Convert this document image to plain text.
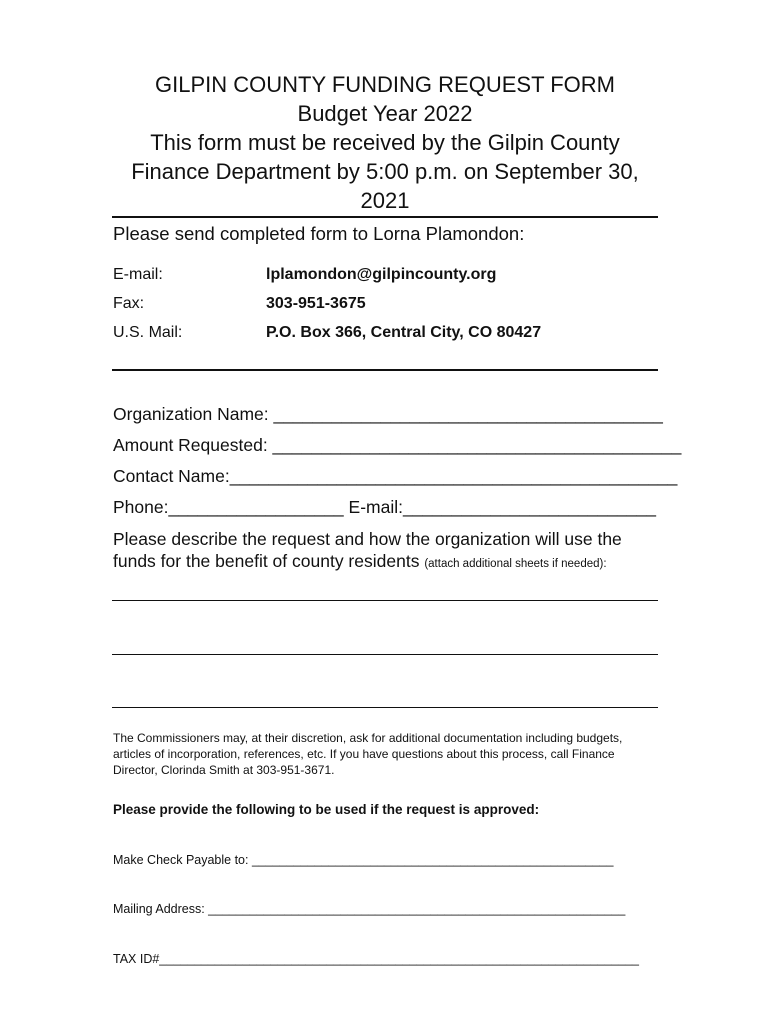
GILPIN COUNTY FUNDING REQUEST FORM
Budget Year 2022
This form must be received by the Gilpin County
Finance Department by 5:00 p.m. on September 30,
2021
Please send completed form to Lorna Plamondon:
E-mail:	lplamondon@gilpincounty.org
Fax:	303-951-3675
U.S. Mail:	P.O. Box 366, Central City, CO 80427
Organization Name: ________________________________________
Amount Requested: __________________________________________
Contact Name:______________________________________________
Phone:__________________ E-mail:__________________________
Please describe the request and how the organization will use the
funds for the benefit of county residents (attach additional sheets if needed):
The Commissioners may, at their discretion, ask for additional documentation including budgets, articles of incorporation, references, etc. If you have questions about this process, call Finance Director, Clorinda Smith at 303-951-3671.
Please provide the following to be used if the request is approved:
Make Check Payable to: ____________________________________________________
Mailing Address: ____________________________________________________________
TAX ID#_____________________________________________________________________
